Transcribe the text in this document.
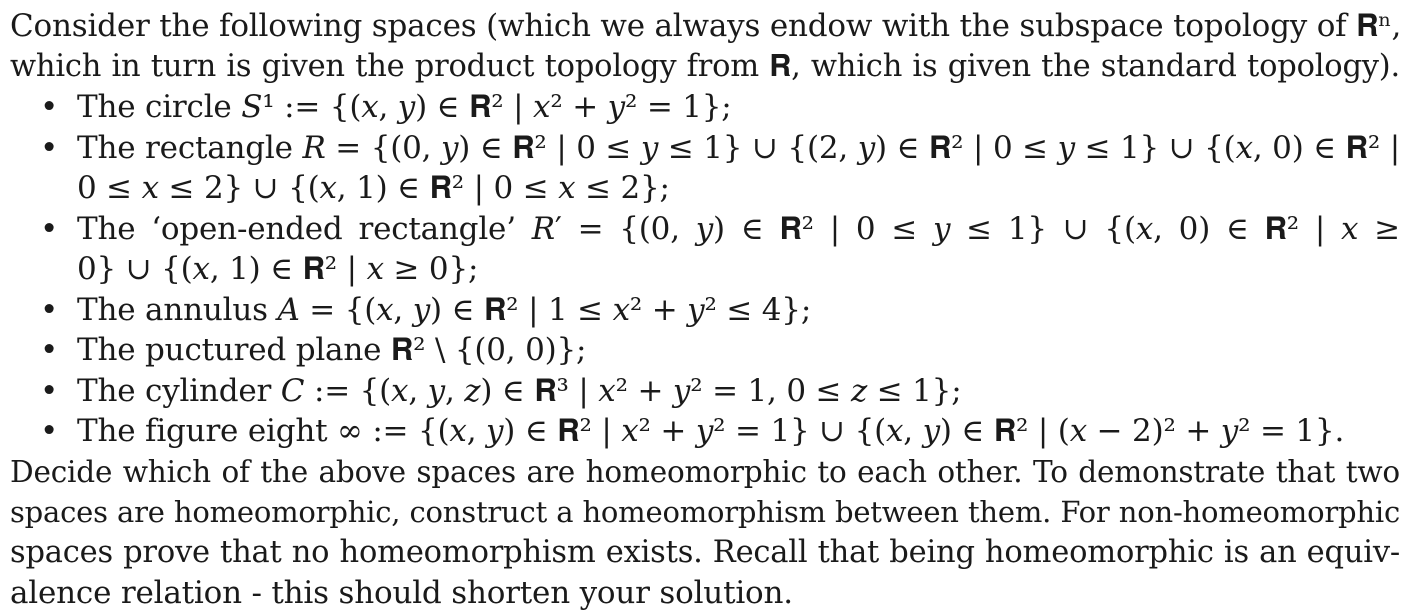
Consider the following spaces (which we always endow with the subspace topology of 𝐑ⁿ,
which in turn is given the product topology from 𝐑, which is given the standard topology).
• The circle 𝑆¹ := {(𝑥, 𝑦) ∈ 𝐑² | 𝑥² + 𝑦² = 1};
• The rectangle 𝑅 = {(0, 𝑦) ∈ 𝐑² | 0 ≤ 𝑦 ≤ 1} ∪ {(2, 𝑦) ∈ 𝐑² | 0 ≤ 𝑦 ≤ 1} ∪ {(𝑥, 0) ∈ 𝐑² |
0 ≤ 𝑥 ≤ 2} ∪ {(𝑥, 1) ∈ 𝐑² | 0 ≤ 𝑥 ≤ 2};
• The ‘open-ended rectangle’ 𝑅′ = {(0, 𝑦) ∈ 𝐑² | 0 ≤ 𝑦 ≤ 1} ∪ {(𝑥, 0) ∈ 𝐑² | 𝑥 ≥
0} ∪ {(𝑥, 1) ∈ 𝐑² | 𝑥 ≥ 0};
• The annulus 𝐴 = {(𝑥, 𝑦) ∈ 𝐑² | 1 ≤ 𝑥² + 𝑦² ≤ 4};
• The puctured plane 𝐑² \ {(0, 0)};
• The cylinder 𝐶 := {(𝑥, 𝑦, 𝑧) ∈ 𝐑³ | 𝑥² + 𝑦² = 1, 0 ≤ 𝑧 ≤ 1};
• The figure eight ∞ := {(𝑥, 𝑦) ∈ 𝐑² | 𝑥² + 𝑦² = 1} ∪ {(𝑥, 𝑦) ∈ 𝐑² | (𝑥 − 2)² + 𝑦² = 1}.
Decide which of the above spaces are homeomorphic to each other. To demonstrate that two
spaces are homeomorphic, construct a homeomorphism between them. For non-homeomorphic
spaces prove that no homeomorphism exists. Recall that being homeomorphic is an equiv-
alence relation - this should shorten your solution.
